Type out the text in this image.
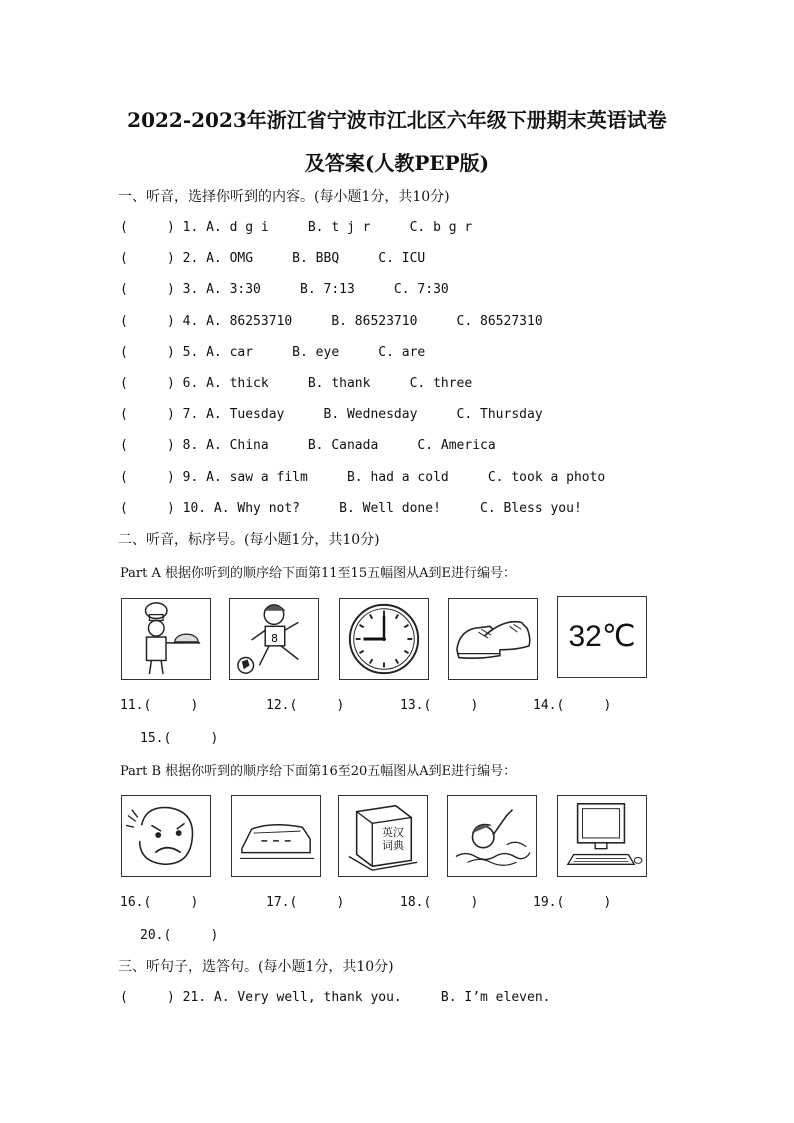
2022-2023年浙江省宁波市江北区六年级下册期末英语试卷
及答案(人教PEP版)
一、听音，选择你听到的内容。(每小题1分，共10分)
(     ) 1. A. d g i     B. t j r     C. b g r
(     ) 2. A. OMG     B. BBQ     C. ICU
(     ) 3. A. 3:30     B. 7:13     C. 7:30
(     ) 4. A. 86253710     B. 86523710     C. 86527310
(     ) 5. A. car     B. eye     C. are
(     ) 6. A. thick     B. thank     C. three
(     ) 7. A. Tuesday     B. Wednesday     C. Thursday
(     ) 8. A. China     B. Canada     C. America
(     ) 9. A. saw a film     B. had a cold     C. took a photo
(     ) 10. A. Why not?     B. Well done!     C. Bless you!
二、听音，标序号。(每小题1分，共10分)
Part A 根据你听到的顺序给下面第11至15五幅图从A到E进行编号：
8	32℃
11.(     )	12.(     )	13.(     )	14.(     )
15.(     )
Part B 根据你听到的顺序给下面第16至20五幅图从A到E进行编号：
英汉词典
16.(     )	17.(     )	18.(     )	19.(     )
20.(     )
三、听句子，选答句。(每小题1分，共10分)
(     ) 21. A. Very well, thank you.     B. I’m eleven.
